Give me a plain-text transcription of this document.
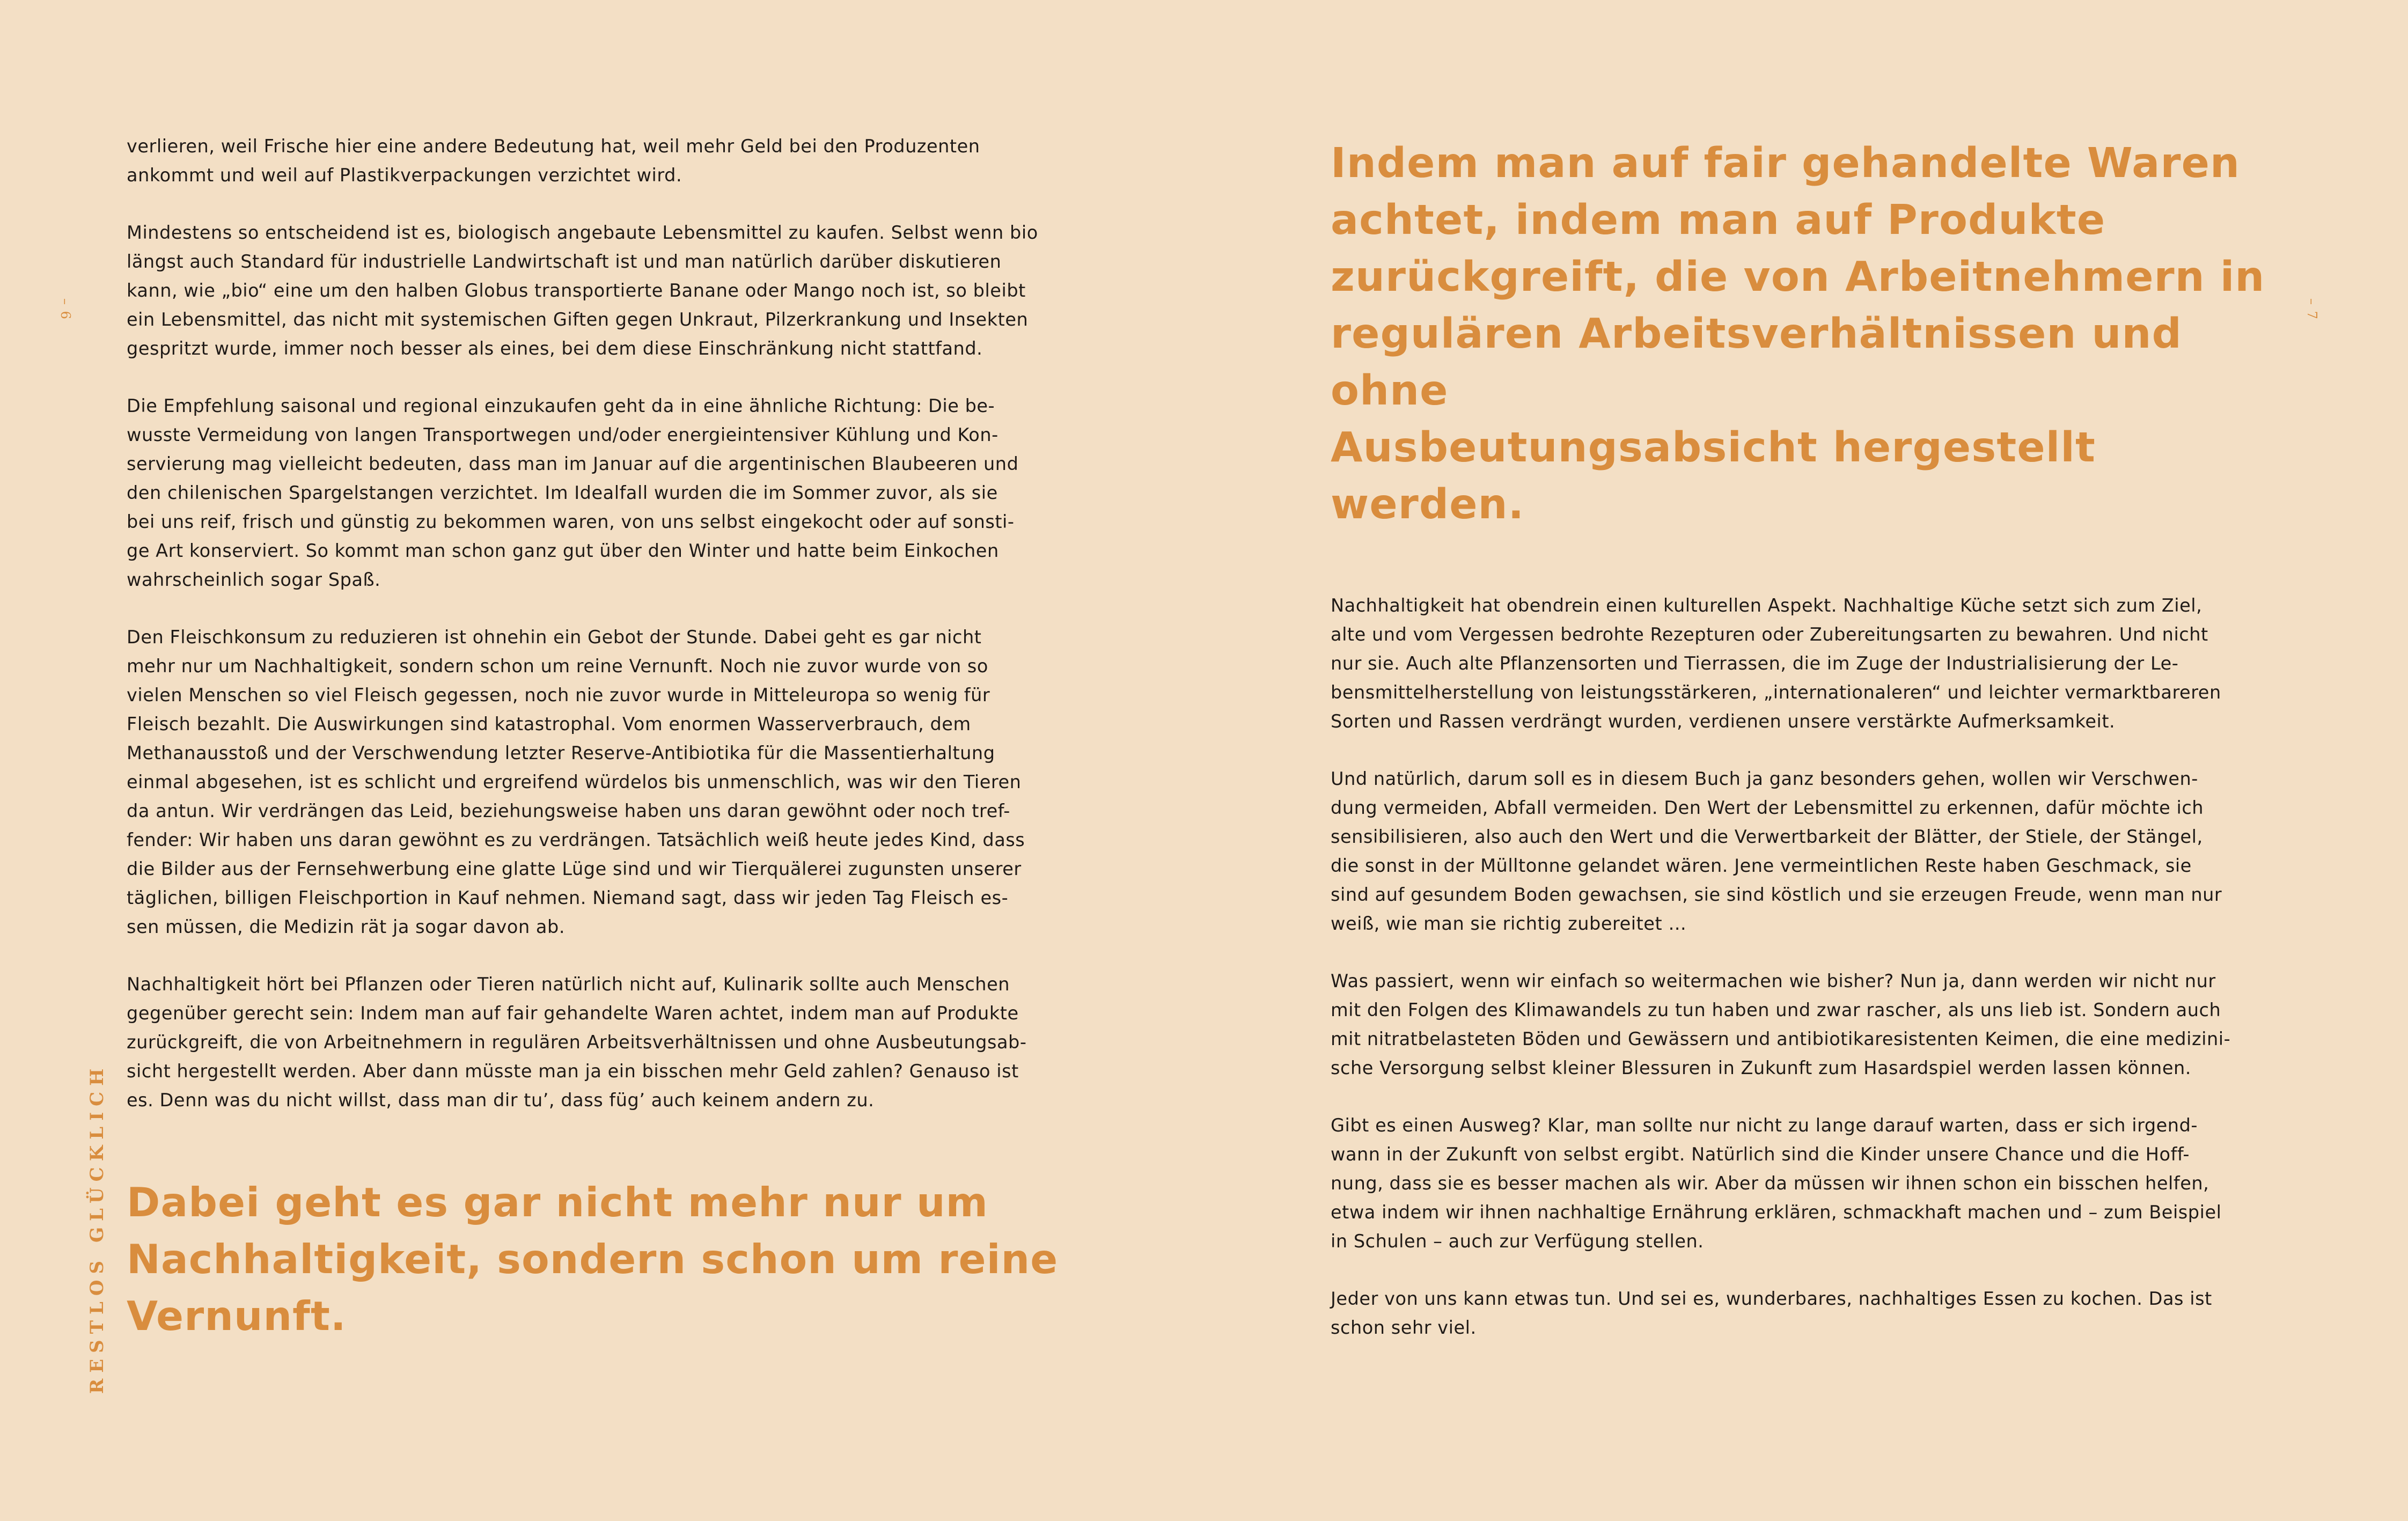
– 6
RESTLOS GLÜCKLICH

verlieren, weil Frische hier eine andere Bedeutung hat, weil mehr Geld bei den Produzenten
ankommt und weil auf Plastikverpackungen verzichtet wird.

Mindestens so entscheidend ist es, biologisch angebaute Lebensmittel zu kaufen. Selbst wenn bio
längst auch Standard für industrielle Landwirtschaft ist und man natürlich darüber diskutieren
kann, wie „bio“ eine um den halben Globus transportierte Banane oder Mango noch ist, so bleibt
ein Lebensmittel, das nicht mit systemischen Giften gegen Unkraut, Pilzerkrankung und Insekten
gespritzt wurde, immer noch besser als eines, bei dem diese Einschränkung nicht stattfand.

Die Empfehlung saisonal und regional einzukaufen geht da in eine ähnliche Richtung: Die be-
wusste Vermeidung von langen Transportwegen und/oder energieintensiver Kühlung und Kon-
servierung mag vielleicht bedeuten, dass man im Januar auf die argentinischen Blaubeeren und
den chilenischen Spargelstangen verzichtet. Im Idealfall wurden die im Sommer zuvor, als sie
bei uns reif, frisch und günstig zu bekommen waren, von uns selbst eingekocht oder auf sonsti-
ge Art konserviert. So kommt man schon ganz gut über den Winter und hatte beim Einkochen
wahrscheinlich sogar Spaß.

Den Fleischkonsum zu reduzieren ist ohnehin ein Gebot der Stunde. Dabei geht es gar nicht
mehr nur um Nachhaltigkeit, sondern schon um reine Vernunft. Noch nie zuvor wurde von so
vielen Menschen so viel Fleisch gegessen, noch nie zuvor wurde in Mitteleuropa so wenig für
Fleisch bezahlt. Die Auswirkungen sind katastrophal. Vom enormen Wasserverbrauch, dem
Methanausstoß und der Verschwendung letzter Reserve-Antibiotika für die Massentierhaltung
einmal abgesehen, ist es schlicht und ergreifend würdelos bis unmenschlich, was wir den Tieren
da antun. Wir verdrängen das Leid, beziehungsweise haben uns daran gewöhnt oder noch tref-
fender: Wir haben uns daran gewöhnt es zu verdrängen. Tatsächlich weiß heute jedes Kind, dass
die Bilder aus der Fernsehwerbung eine glatte Lüge sind und wir Tierquälerei zugunsten unserer
täglichen, billigen Fleischportion in Kauf nehmen. Niemand sagt, dass wir jeden Tag Fleisch es-
sen müssen, die Medizin rät ja sogar davon ab.

Nachhaltigkeit hört bei Pflanzen oder Tieren natürlich nicht auf, Kulinarik sollte auch Menschen
gegenüber gerecht sein: Indem man auf fair gehandelte Waren achtet, indem man auf Produkte
zurückgreift, die von Arbeitnehmern in regulären Arbeitsverhältnissen und ohne Ausbeutungsab-
sicht hergestellt werden. Aber dann müsste man ja ein bisschen mehr Geld zahlen? Genauso ist
es. Denn was du nicht willst, dass man dir tu’, dass füg’ auch keinem andern zu.

Dabei geht es gar nicht mehr nur um
Nachhaltigkeit, sondern schon um reine
Vernunft.
– 7
Indem man auf fair gehandelte Waren
achtet, indem man auf Produkte
zurückgreift, die von Arbeitnehmern in
regulären Arbeitsverhältnissen und ohne
Ausbeutungsabsicht hergestellt werden.

Nachhaltigkeit hat obendrein einen kulturellen Aspekt. Nachhaltige Küche setzt sich zum Ziel,
alte und vom Vergessen bedrohte Rezepturen oder Zubereitungsarten zu bewahren. Und nicht
nur sie. Auch alte Pflanzensorten und Tierrassen, die im Zuge der Industrialisierung der Le-
bensmittelherstellung von leistungsstärkeren, „internationaleren“ und leichter vermarktbareren
Sorten und Rassen verdrängt wurden, verdienen unsere verstärkte Aufmerksamkeit.

Und natürlich, darum soll es in diesem Buch ja ganz besonders gehen, wollen wir Verschwen-
dung vermeiden, Abfall vermeiden. Den Wert der Lebensmittel zu erkennen, dafür möchte ich
sensibilisieren, also auch den Wert und die Verwertbarkeit der Blätter, der Stiele, der Stängel,
die sonst in der Mülltonne gelandet wären. Jene vermeintlichen Reste haben Geschmack, sie
sind auf gesundem Boden gewachsen, sie sind köstlich und sie erzeugen Freude, wenn man nur
weiß, wie man sie richtig zubereitet …

Was passiert, wenn wir einfach so weitermachen wie bisher? Nun ja, dann werden wir nicht nur
mit den Folgen des Klimawandels zu tun haben und zwar rascher, als uns lieb ist. Sondern auch
mit nitratbelasteten Böden und Gewässern und antibiotikaresistenten Keimen, die eine medizini-
sche Versorgung selbst kleiner Blessuren in Zukunft zum Hasardspiel werden lassen können.

Gibt es einen Ausweg? Klar, man sollte nur nicht zu lange darauf warten, dass er sich irgend-
wann in der Zukunft von selbst ergibt. Natürlich sind die Kinder unsere Chance und die Hoff-
nung, dass sie es besser machen als wir. Aber da müssen wir ihnen schon ein bisschen helfen,
etwa indem wir ihnen nachhaltige Ernährung erklären, schmackhaft machen und – zum Beispiel
in Schulen – auch zur Verfügung stellen.

Jeder von uns kann etwas tun. Und sei es, wunderbares, nachhaltiges Essen zu kochen. Das ist
schon sehr viel.
